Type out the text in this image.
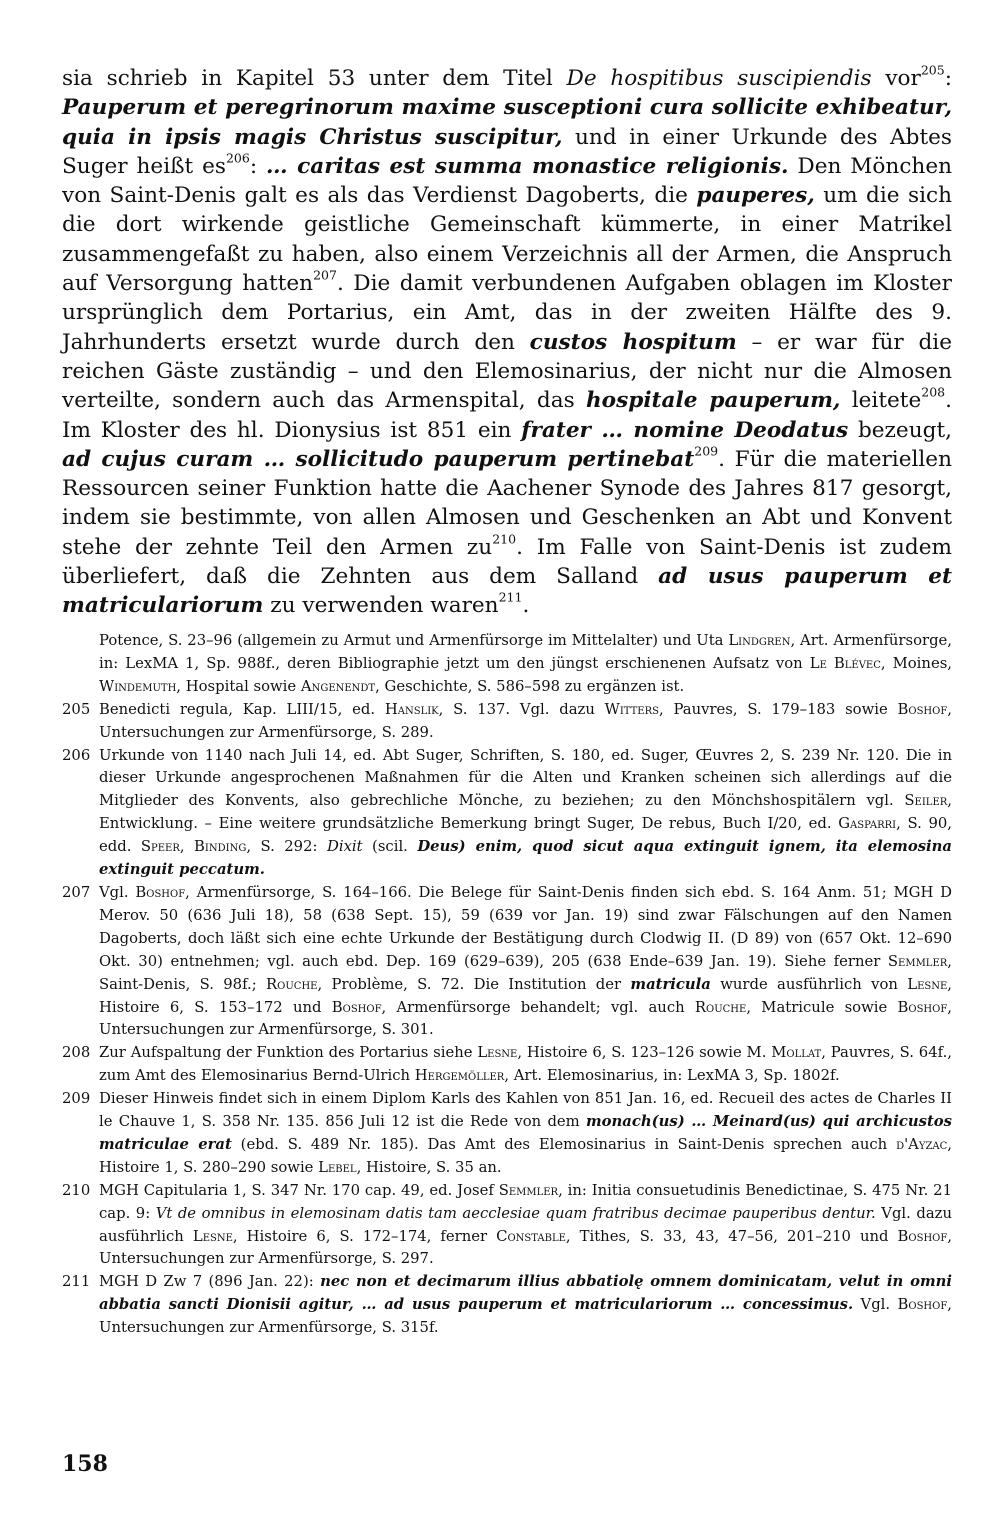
sia schrieb in Kapitel 53 unter dem Titel De hospitibus suscipiendis vor$^{205}$: Pauperum et peregrinorum maxime susceptioni cura sollicite exhibeatur, quia in ipsis magis Christus suscipitur, und in einer Urkunde des Abtes Suger heißt $es^{206}$: … caritas est summa monastice religionis. Den Mönchen von Saint-Denis galt es als das Verdienst Dagoberts, die pauperes, um die sich die dort wirkende geistliche Gemeinschaft kümmerte, in einer Matrikel zusammengefaßt zu haben, also einem Verzeichnis all der Armen, die Anspruch auf Versorgung hatten$^{207}$. Die damit verbundenen Aufgaben oblagen im Kloster ursprünglich dem Portarius, ein Amt, das in der zweiten Hälfte des 9. Jahrhunderts ersetzt wurde durch den custos hospitum – er war für die reichen Gäste zuständig – und den Elemosinarius, der nicht nur die Almosen verteilte, sondern auch das Armenspital, das hospitale pauperum, leitete$^{208}$. Im Kloster des hl. Dionysius ist 851 ein frater … nomine Deodatus bezeugt, ad cujus curam … sollicitudo pauperum pertinebat$^{209}$. Für die materiellen Ressourcen seiner Funktion hatte die Aachener Synode des Jahres 817 gesorgt, indem sie bestimmte, von allen Almosen und Geschenken an Abt und Konvent stehe der zehnte Teil den Armen $zu^{210}$. Im Falle von Saint-Denis ist zudem überliefert, daß die Zehnten aus dem Salland ad usus pauperum et matriculariorum zu verwenden waren$^{211}$.

Potence, S. 23–96 (allgemein zu Armut und Armenfürsorge im Mittelalter) und Uta Lindgren, Art. Armenfürsorge, in: LexMA 1, Sp. 988f., deren Bibliographie jetzt um den jüngst erschienenen Aufsatz von Le Blévec, Moines, Windemuth, Hospital sowie Angenendt, Geschichte, S. 586–598 zu ergänzen ist.

205 Benedicti regula, Kap. LIII/15, ed. Hanslik, S. 137. Vgl. dazu Witters, Pauvres, S. 179–183 sowie Boshof, Untersuchungen zur Armenfürsorge, S. 289.

206 Urkunde von 1140 nach Juli 14, ed. Abt Suger, Schriften, S. 180, ed. Suger, Œuvres 2, S. 239 Nr. 120. Die in dieser Urkunde angesprochenen Maßnahmen für die Alten und Kranken scheinen sich allerdings auf die Mitglieder des Konvents, also gebrechliche Mönche, zu beziehen; zu den Mönchshospitälern vgl. Seiler, Entwicklung. – Eine weitere grundsätzliche Bemerkung bringt Suger, De rebus, Buch I/20, ed. Gasparri, S. 90, edd. Speer, Binding, S. 292: Dixit (scil. Deus) enim, quod sicut aqua extinguit ignem, ita elemosina extinguit peccatum.

207 Vgl. Boshof, Armenfürsorge, S. 164–166. Die Belege für Saint-Denis finden sich ebd. S. 164 Anm. 51; MGH D Merov. 50 (636 Juli 18), 58 (638 Sept. 15), 59 (639 vor Jan. 19) sind zwar Fälschungen auf den Namen Dagoberts, doch läßt sich eine echte Urkunde der Bestätigung durch Clodwig II. (D 89) von (657 Okt. 12–690 Okt. 30) entnehmen; vgl. auch ebd. Dep. 169 (629–639), 205 (638 Ende–639 Jan. 19). Siehe ferner Semmler, Saint-Denis, S. 98f.; Rouche, Problème, S. 72. Die Institution der matricula wurde ausführlich von Lesne, Histoire 6, S. 153–172 und Boshof, Armenfürsorge behandelt; vgl. auch Rouche, Matricule sowie Boshof, Untersuchungen zur Armenfürsorge, S. 301.

208 Zur Aufspaltung der Funktion des Portarius siehe Lesne, Histoire 6, S. 123–126 sowie M. Mollat, Pauvres, S. 64f., zum Amt des Elemosinarius Bernd-Ulrich Hergemöller, Art. Elemosinarius, in: LexMA 3, Sp. 1802f.

209 Dieser Hinweis findet sich in einem Diplom Karls des Kahlen von 851 Jan. 16, ed. Recueil des actes de Charles II le Chauve 1, S. 358 Nr. 135. 856 Juli 12 ist die Rede von dem monach(us) … Meinard(us) qui archicustos matriculae erat (ebd. S. 489 Nr. 185). Das Amt des Elemosinarius in Saint-Denis sprechen auch d'Ayzac, Histoire 1, S. 280–290 sowie Lebel, Histoire, S. 35 an.

210 MGH Capitularia 1, S. 347 Nr. 170 cap. 49, ed. Josef Semmler, in: Initia consuetudinis Benedictinae, S. 475 Nr. 21 cap. 9: Vt de omnibus in elemosinam datis tam aecclesiae quam fratribus decimae pauperibus dentur. Vgl. dazu ausführlich Lesne, Histoire 6, S. 172–174, ferner Constable, Tithes, S. 33, 43, 47–56, 201–210 und Boshof, Untersuchungen zur Armenfürsorge, S. 297.

211 MGH D Zw 7 (896 Jan. 22): nec non et decimarum illius abbatiolę omnem dominicatam, velut in omni abbatia sancti Dionisii agitur, … ad usus pauperum et matriculariorum … concessimus. Vgl. Boshof, Untersuchungen zur Armenfürsorge, S. 315f.

158
